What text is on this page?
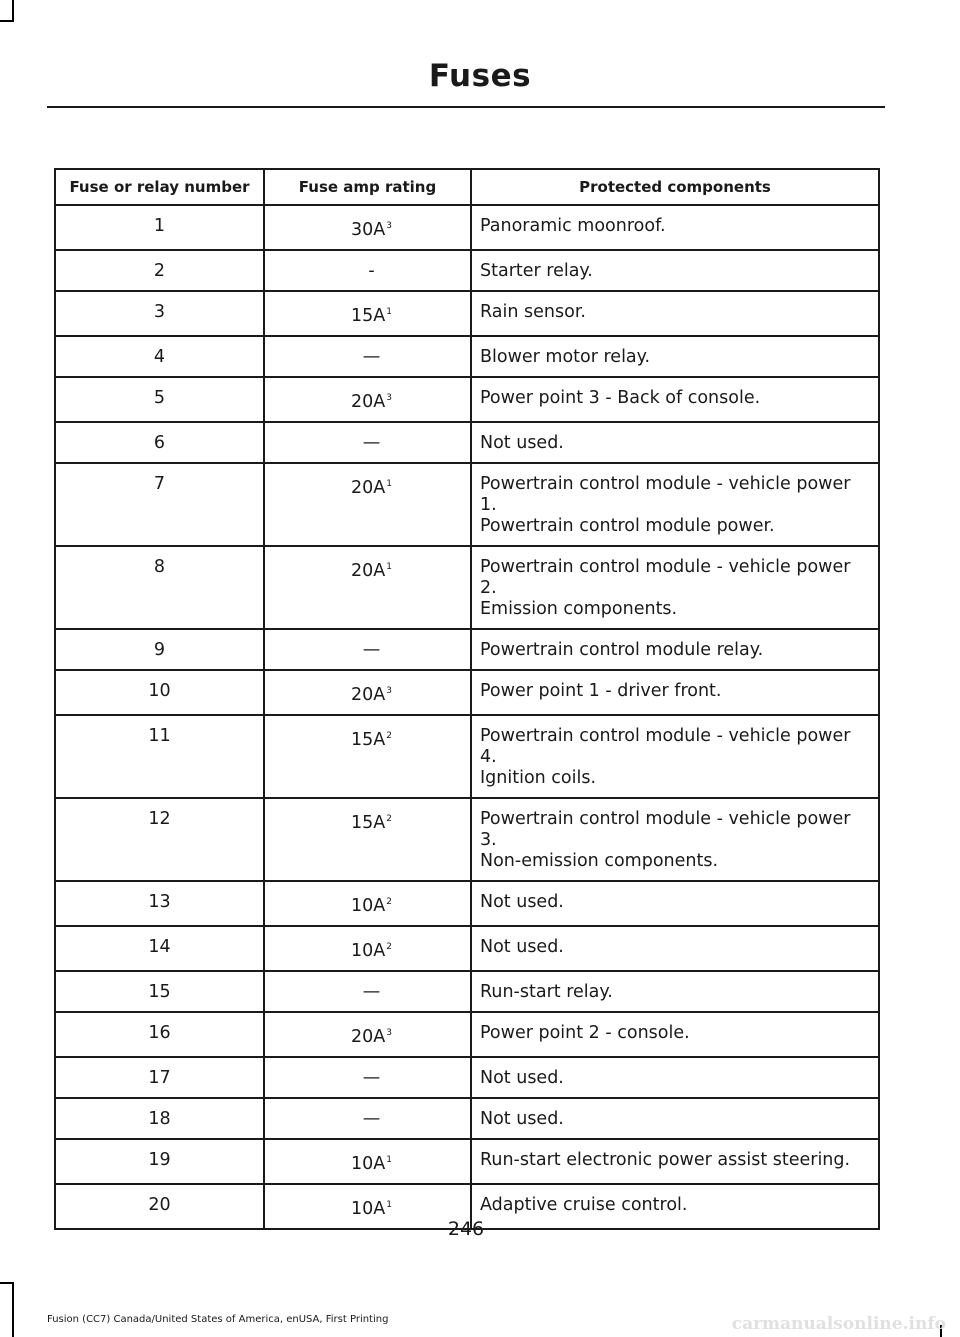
Fuses
Fuse or relay number	Fuse amp rating	Protected components
1	$30A^3$	Panoramic moonroof.

2	-	Starter relay.

3	$15A^1$	Rain sensor.

4	—	Blower motor relay.

5	$20A^3$	Power point 3 - Back of console.

6	—	Not used.

7	$20A^1$	Powertrain control module - vehicle power
1.
Powertrain control module power.

8	$20A^1$	Powertrain control module - vehicle power
2.
Emission components.

9	—	Powertrain control module relay.

10	$20A^3$	Power point 1 - driver front.

11	$15A^2$	Powertrain control module - vehicle power
4.
Ignition coils.

12	$15A^2$	Powertrain control module - vehicle power
3.
Non-emission components.

13	$10A^2$	Not used.

14	$10A^2$	Not used.

15	—	Run-start relay.

16	$20A^3$	Power point 2 - console.

17	—	Not used.

18	—	Not used.

19	$10A^1$	Run-start electronic power assist steering.

20	$10A^1$	Adaptive cruise control.
246
Fusion (CC7) Canada/United States of America, enUSA, First Printing	carmanualsonline.info
